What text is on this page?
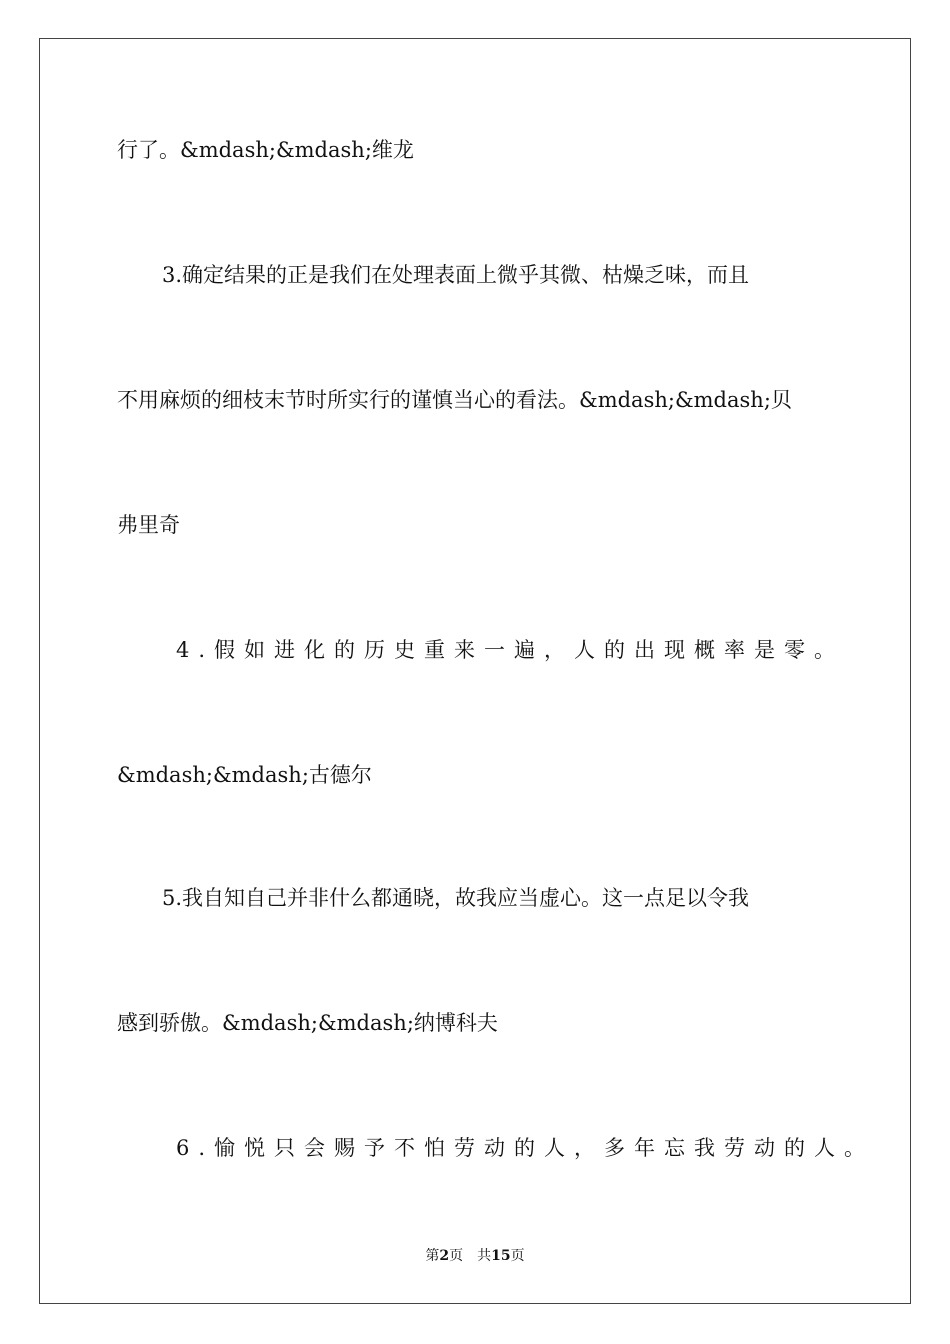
行了。&mdash;&mdash;维龙

3.确定结果的正是我们在处理表面上微乎其微、枯燥乏味，而且

不用麻烦的细枝末节时所实行的谨慎当心的看法。&mdash;&mdash;贝

弗里奇

4.假如进化的历史重来一遍，人的出现概率是零。

&mdash;&mdash;古德尔

5.我自知自己并非什么都通晓，故我应当虚心。这一点足以令我

感到骄傲。&mdash;&mdash;纳博科夫

6.愉悦只会赐予不怕劳动的人，多年忘我劳动的人。

第2页 共15页
